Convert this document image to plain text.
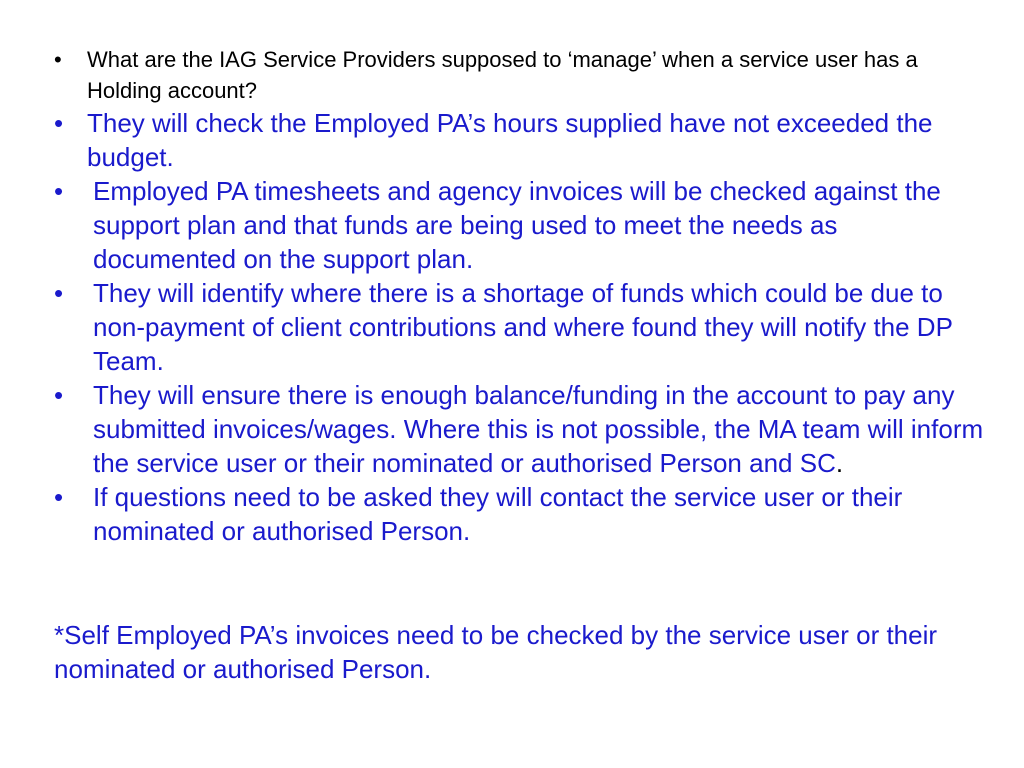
• What are the IAG Service Providers supposed to ‘manage’ when a service user has a Holding account?
• They will check the Employed PA’s hours supplied have not exceeded the budget.
• Employed PA timesheets and agency invoices will be checked against the support plan and that funds are being used to meet the needs as documented on the support plan.
• They will identify where there is a shortage of funds which could be due to non-payment of client contributions and where found they will notify the DP Team.
• They will ensure there is enough balance/funding in the account to pay any submitted invoices/wages. Where this is not possible, the MA team will inform the service user or their nominated or authorised Person and SC.
• If questions need to be asked they will contact the service user or their nominated or authorised Person.

*Self Employed PA’s invoices need to be checked by the service user or their nominated or authorised Person.
